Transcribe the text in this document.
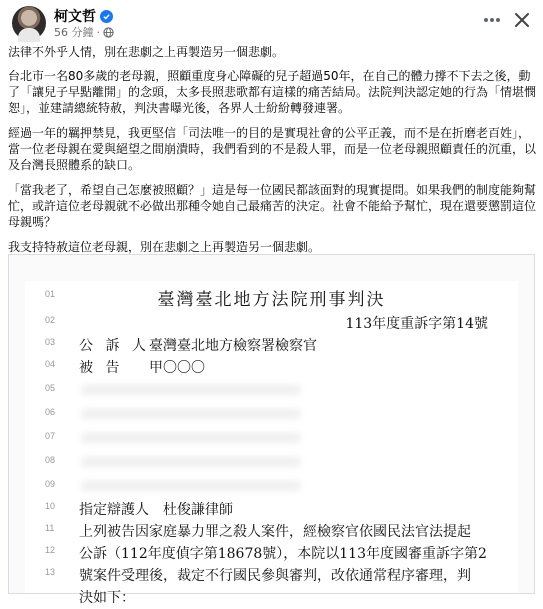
柯文哲
56 分鐘 ·

法律不外乎人情，別在悲劇之上再製造另一個悲劇。

台北市一名80多歲的老母親，照顧重度身心障礙的兒子超過50年，在自己的體力撐不下去之後，動了「讓兒子早點離開」的念頭，太多長照悲歌都有這樣的痛苦結局。法院判決認定她的行為「情堪憫恕」，並建請總統特赦，判決書曝光後，各界人士紛紛轉發連署。

經過一年的羈押禁見，我更堅信「司法唯一的目的是實現社會的公平正義，而不是在折磨老百姓」，當一位老母親在愛與絕望之間崩潰時，我們看到的不是殺人罪，而是一位老母親照顧責任的沉重，以及台灣長照體系的缺口。

「當我老了，希望自己怎麼被照顧？」這是每一位國民都該面對的現實提問。如果我們的制度能夠幫忙，或許這位老母親就不必做出那種令她自己最痛苦的決定。社會不能給予幫忙，現在還要懲罰這位母親嗎？

我支持特赦這位老母親，別在悲劇之上再製造另一個悲劇。

01	臺灣臺北地方法院刑事判決
02	113年度重訴字第14號
03 公 訴 人 臺灣臺北地方檢察署檢察官
04 被 告 甲〇〇〇
05
06
07
08
09
10 指定辯護人　杜俊謙律師
11 上列被告因家庭暴力罪之殺人案件，經檢察官依國民法官法提起
12 公訴（112年度偵字第18678號），本院以113年度國審重訴字第2
13 號案件受理後，裁定不行國民參與審判，改依通常程序審理，判
決如下：
